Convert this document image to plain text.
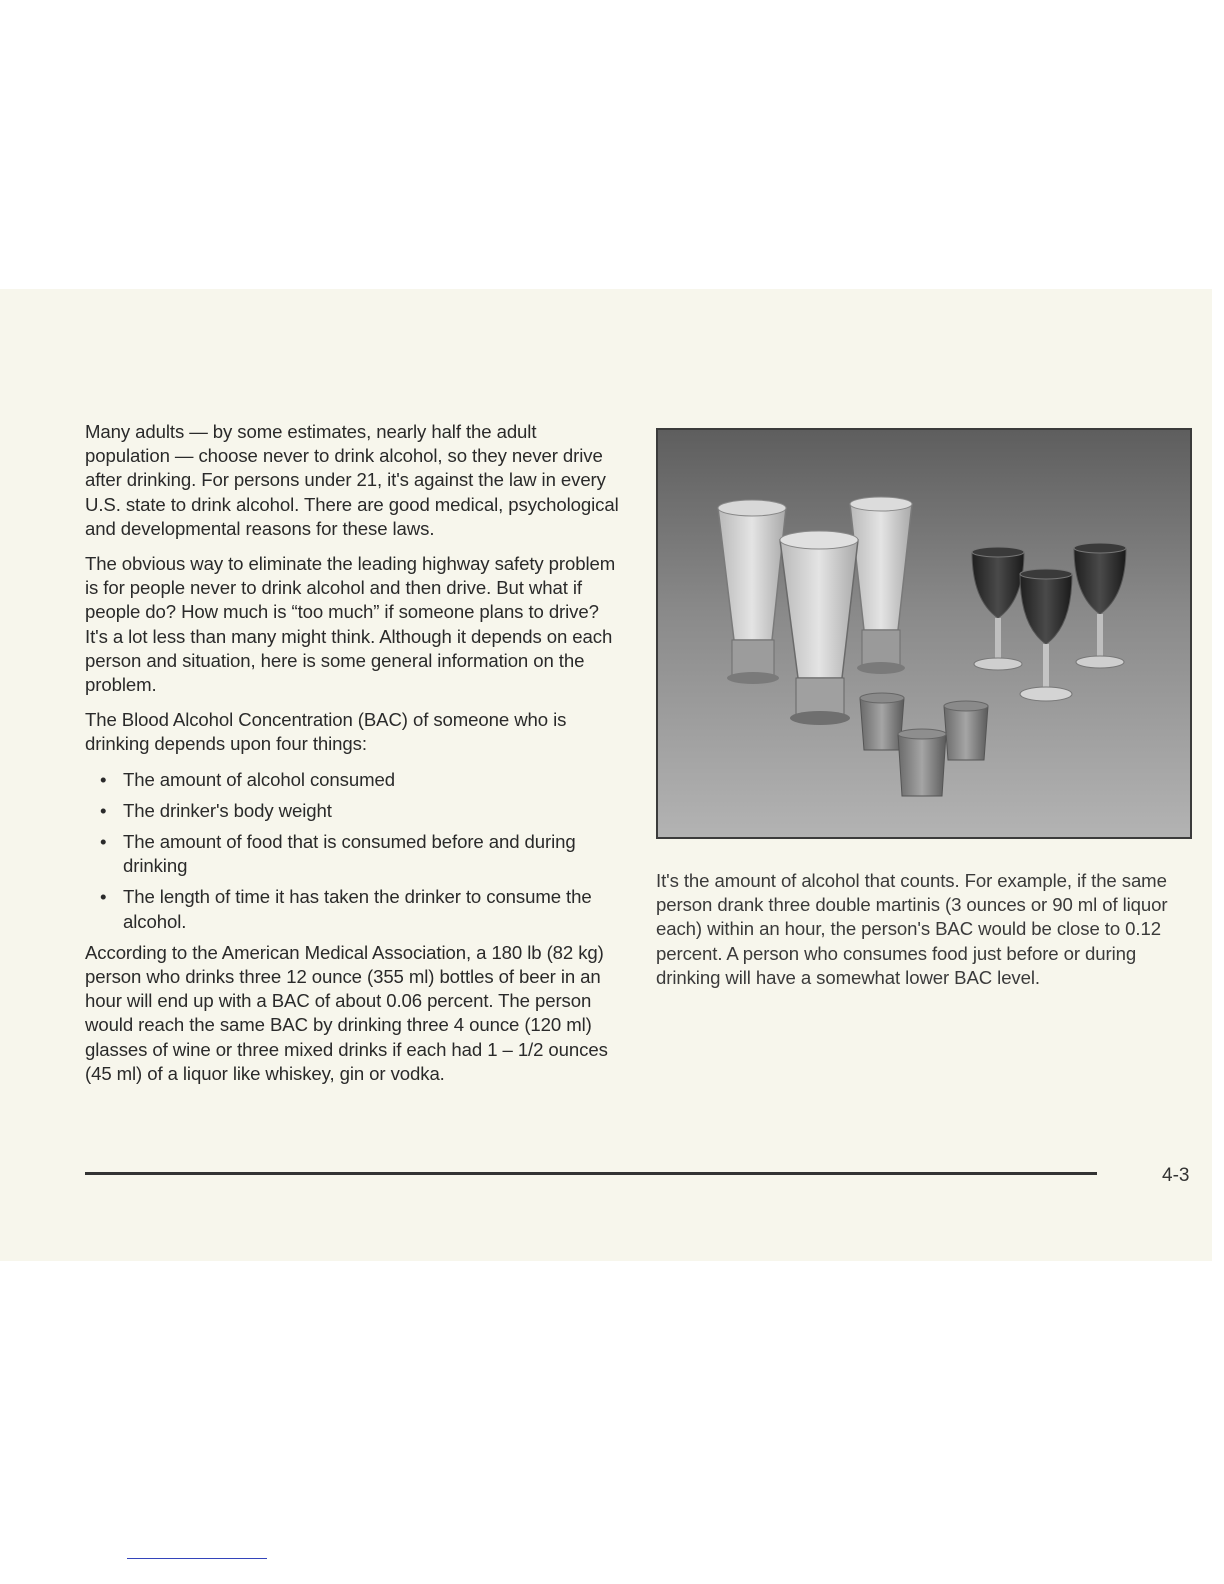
Many adults — by some estimates, nearly half the adult population — choose never to drink alcohol, so they never drive after drinking. For persons under 21, it's against the law in every U.S. state to drink alcohol. There are good medical, psychological and developmental reasons for these laws.

The obvious way to eliminate the leading highway safety problem is for people never to drink alcohol and then drive. But what if people do? How much is “too much” if someone plans to drive? It's a lot less than many might think. Although it depends on each person and situation, here is some general information on the problem.

The Blood Alcohol Concentration (BAC) of someone who is drinking depends upon four things:

• The amount of alcohol consumed
• The drinker's body weight
• The amount of food that is consumed before and during drinking
• The length of time it has taken the drinker to consume the alcohol.

According to the American Medical Association, a 180 lb (82 kg) person who drinks three 12 ounce (355 ml) bottles of beer in an hour will end up with a BAC of about 0.06 percent. The person would reach the same BAC by drinking three 4 ounce (120 ml) glasses of wine or three mixed drinks if each had 1 – 1/2 ounces (45 ml) of a liquor like whiskey, gin or vodka.

It's the amount of alcohol that counts. For example, if the same person drank three double martinis (3 ounces or 90 ml of liquor each) within an hour, the person's BAC would be close to 0.12 percent. A person who consumes food just before or during drinking will have a somewhat lower BAC level.

4-3
